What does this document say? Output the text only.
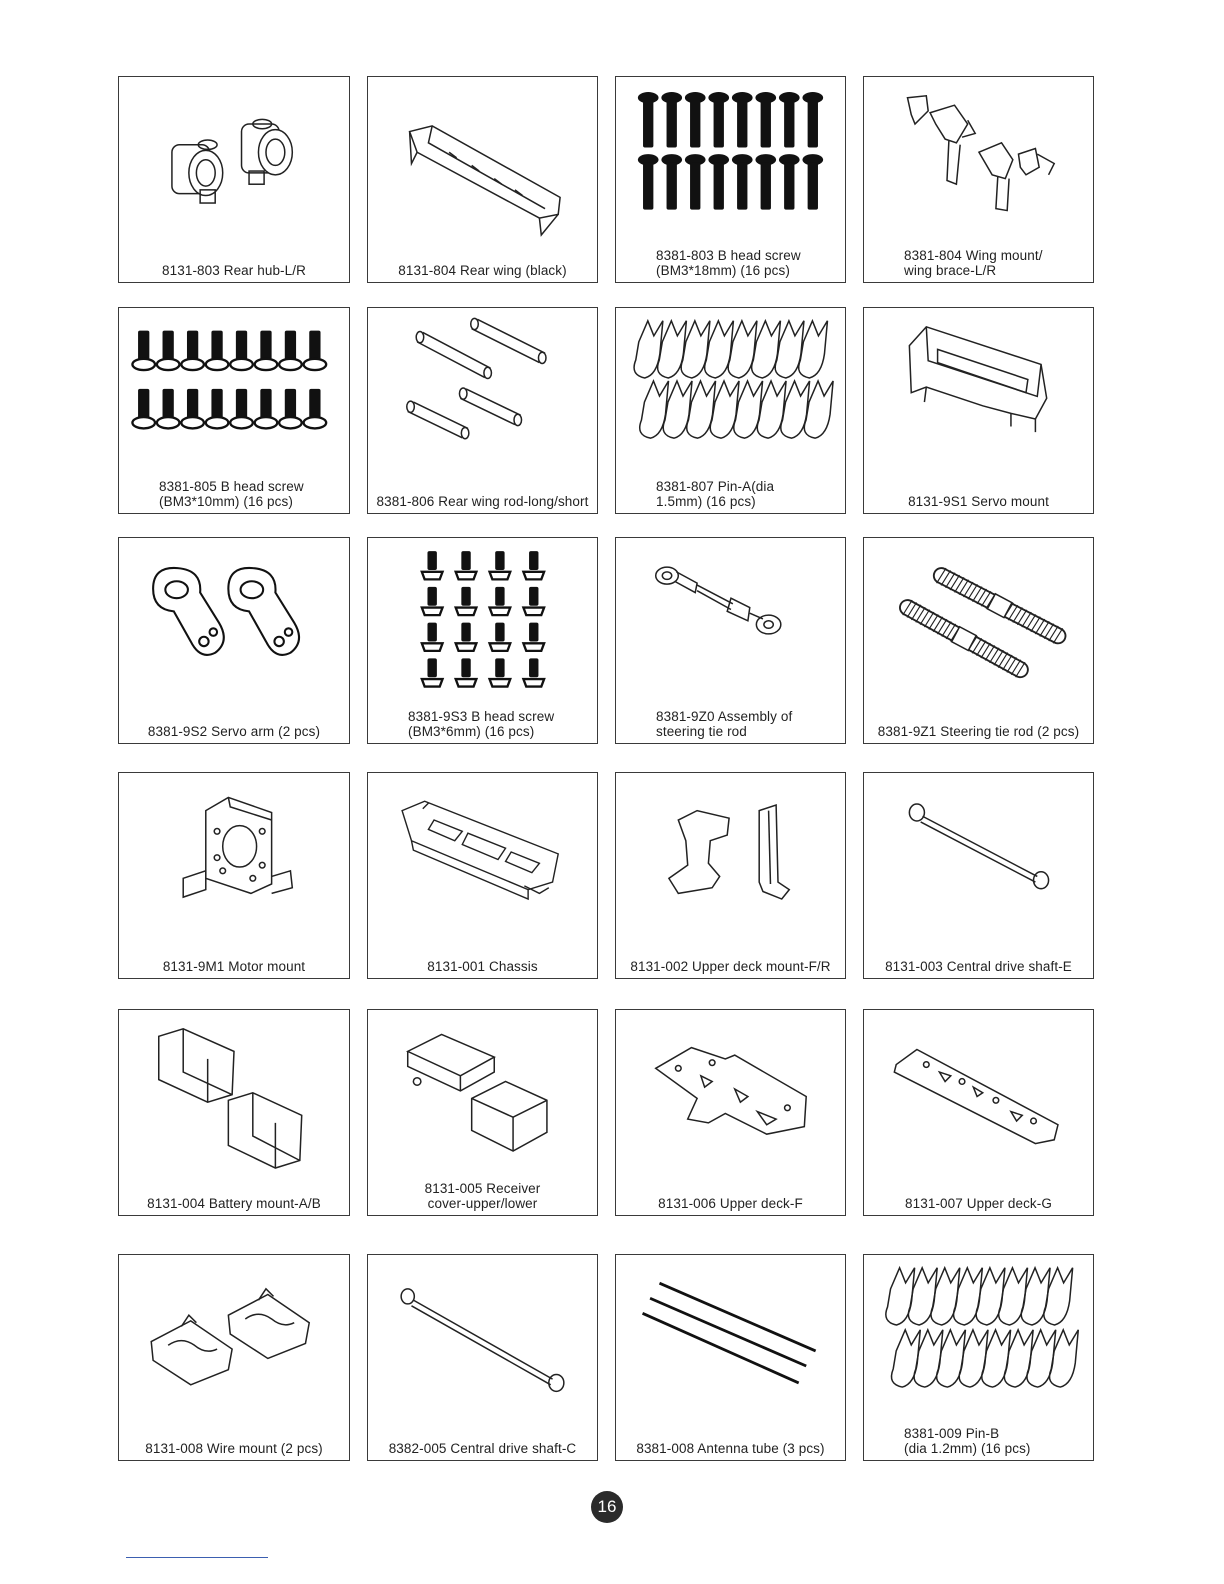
8131-803 Rear hub-L/R	8131-804 Rear wing (black)
8381-803 B head screw
(BM3*18mm) (16 pcs)
8381-804 Wing mount/
wing brace-L/R
8381-805 B head screw
(BM3*10mm) (16 pcs)	8381-806 Rear wing rod-long/short
8381-807 Pin-A(dia
1.5mm) (16 pcs)	8131-9S1 Servo mount
8381-9S2 Servo arm (2 pcs)
8381-9S3 B head screw
(BM3*6mm) (16 pcs)
8381-9Z0 Assembly of
steering tie rod	8381-9Z1 Steering tie rod (2 pcs)
8131-9M1 Motor mount	8131-001 Chassis	8131-002 Upper deck mount-F/R	8131-003 Central drive shaft-E
8131-004 Battery mount-A/B
8131-005 Receiver
cover-upper/lower	8131-006 Upper deck-F	8131-007 Upper deck-G
8131-008 Wire mount (2 pcs)	8382-005 Central drive shaft-C	8381-008 Antenna tube (3 pcs)
8381-009 Pin-B
(dia 1.2mm) (16 pcs)
16
